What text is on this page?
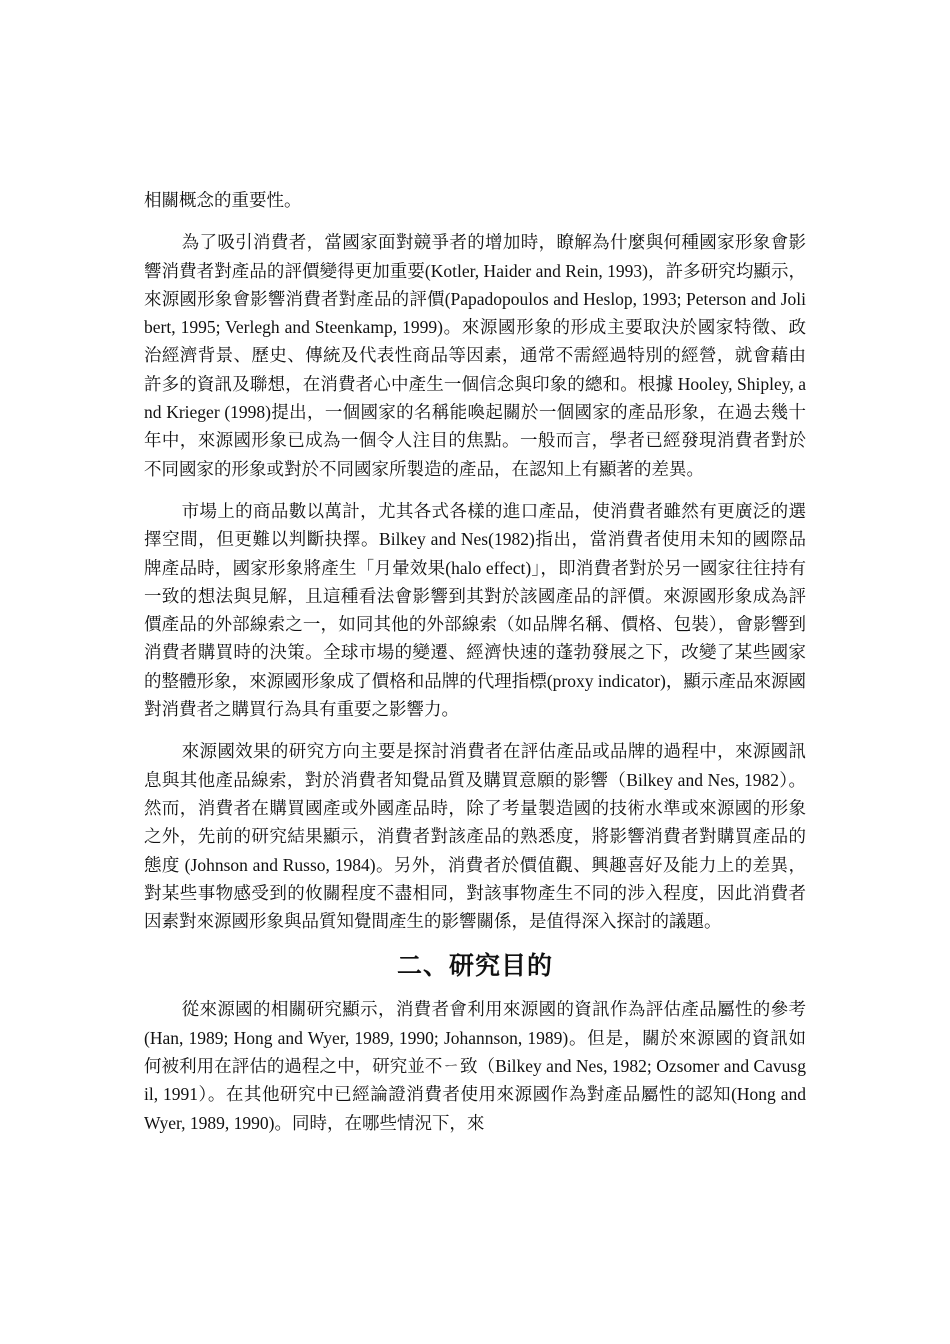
相關概念的重要性。

為了吸引消費者，當國家面對競爭者的增加時，瞭解為什麼與何種國家形象會影響消費者對產品的評價變得更加重要(Kotler, Haider and Rein, 1993)，許多研究均顯示，來源國形象會影響消費者對產品的評價(Papadopoulos and Heslop, 1993; Peterson and Jolibert, 1995; Verlegh and Steenkamp, 1999)。來源國形象的形成主要取決於國家特徵、政治經濟背景、歷史、傳統及代表性商品等因素，通常不需經過特別的經營，就會藉由許多的資訊及聯想，在消費者心中產生一個信念與印象的總和。根據 Hooley, Shipley, and Krieger (1998)提出，一個國家的名稱能喚起關於一個國家的產品形象，在過去幾十年中，來源國形象已成為一個令人注目的焦點。一般而言，學者已經發現消費者對於不同國家的形象或對於不同國家所製造的產品，在認知上有顯著的差異。

市場上的商品數以萬計，尤其各式各樣的進口產品，使消費者雖然有更廣泛的選擇空間，但更難以判斷抉擇。Bilkey and Nes(1982)指出，當消費者使用未知的國際品牌產品時，國家形象將產生「月暈效果(halo effect)」，即消費者對於另一國家往往持有一致的想法與見解，且這種看法會影響到其對於該國產品的評價。來源國形象成為評價產品的外部線索之一，如同其他的外部線索（如品牌名稱、價格、包裝），會影響到消費者購買時的決策。全球市場的變遷、經濟快速的蓬勃發展之下，改變了某些國家的整體形象，來源國形象成了價格和品牌的代理指標(proxy indicator)，顯示產品來源國對消費者之購買行為具有重要之影響力。

來源國效果的研究方向主要是探討消費者在評估產品或品牌的過程中，來源國訊息與其他產品線索，對於消費者知覺品質及購買意願的影響（Bilkey and Nes, 1982）。然而，消費者在購買國產或外國產品時，除了考量製造國的技術水準或來源國的形象之外，先前的研究結果顯示，消費者對該產品的熟悉度，將影響消費者對購買產品的態度 (Johnson and Russo, 1984)。另外，消費者於價值觀、興趣喜好及能力上的差異，對某些事物感受到的攸關程度不盡相同，對該事物產生不同的涉入程度，因此消費者因素對來源國形象與品質知覺間產生的影響關係，是值得深入探討的議題。

二、研究目的

從來源國的相關研究顯示，消費者會利用來源國的資訊作為評估產品屬性的參考(Han, 1989; Hong and Wyer, 1989, 1990; Johannson, 1989)。但是，關於來源國的資訊如何被利用在評估的過程之中，研究並不ㄧ致（Bilkey and Nes, 1982; Ozsomer and Cavusgil, 1991）。在其他研究中已經論證消費者使用來源國作為對產品屬性的認知(Hong and Wyer, 1989, 1990)。同時，在哪些情況下，來
